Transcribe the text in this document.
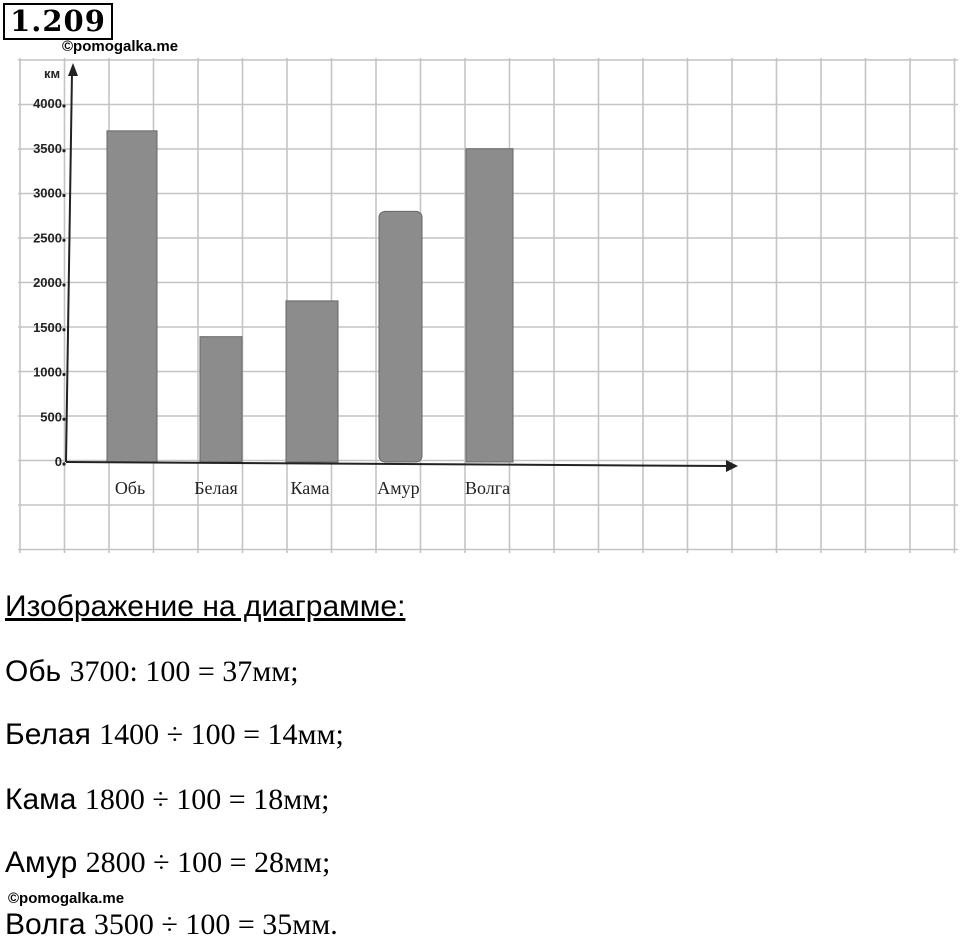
1.209
©pomogalka.me
0
500
1000
1500
2000
2500
3000
3500
4000
км
Обь	Белая	Кама	Амур	Волга
Изображение на диаграмме:
Обь 3700: 100 = 37мм;
Белая 1400 ÷ 100 = 14мм;
Кама 1800 ÷ 100 = 18мм;
Амур 2800 ÷ 100 = 28мм;
©pomogalka.me
Волга 3500 ÷ 100 = 35мм.
